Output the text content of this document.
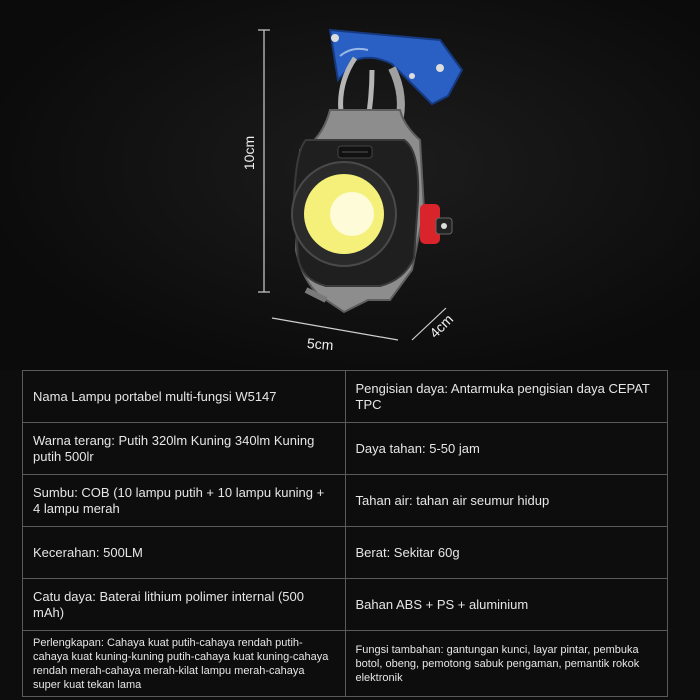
10cm
5cm
4cm
Nama Lampu portabel multi-fungsi W5147	Pengisian daya: Antarmuka pengisian daya CEPAT TPC
Warna terang: Putih 320lm Kuning 340lm Kuning putih 500lr	Daya tahan: 5-50 jam
Sumbu: COB (10 lampu putih + 10 lampu kuning + 4 lampu merah	Tahan air: tahan air seumur hidup
Kecerahan: 500LM	Berat: Sekitar 60g
Catu daya: Baterai lithium polimer internal (500 mAh)	Bahan ABS + PS + aluminium
Perlengkapan: Cahaya kuat putih-cahaya rendah putih-cahaya kuat kuning-kuning putih-cahaya kuat kuning-cahaya rendah merah-cahaya merah-kilat lampu merah-cahaya super kuat tekan lama	Fungsi tambahan: gantungan kunci, layar pintar, pembuka botol, obeng, pemotong sabuk pengaman, pemantik rokok elektronik
